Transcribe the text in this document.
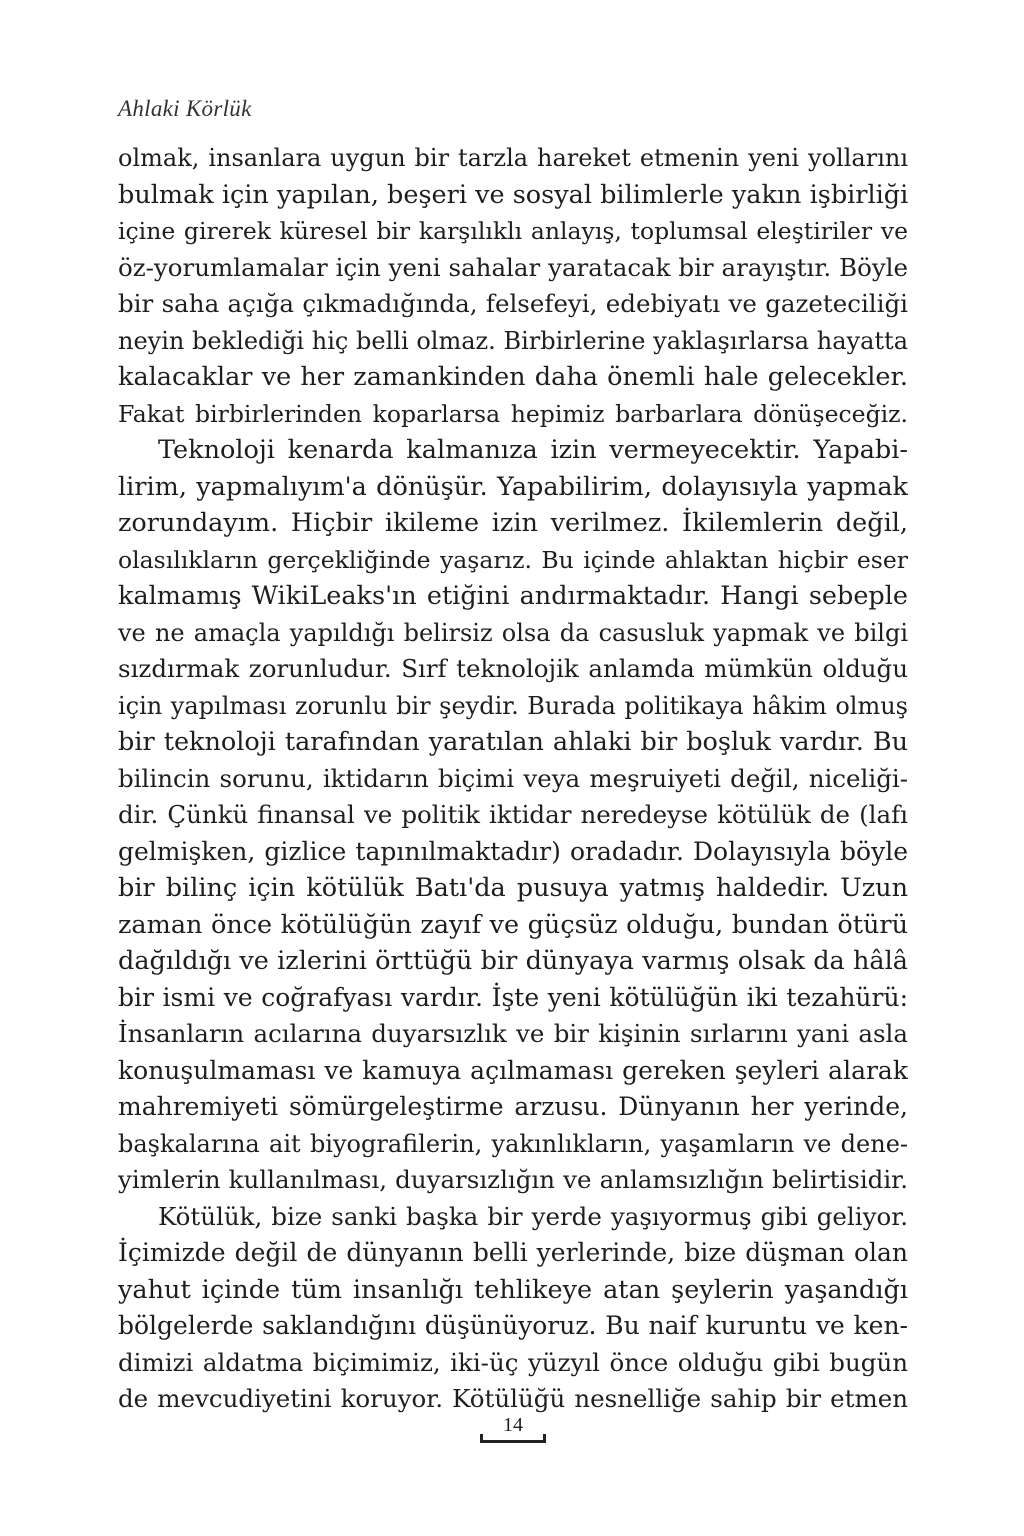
Ahlaki Körlük
olmak, insanlara uygun bir tarzla hareket etmenin yeni yollarını
bulmak için yapılan, beşeri ve sosyal bilimlerle yakın işbirliği
içine girerek küresel bir karşılıklı anlayış, toplumsal eleştiriler ve
öz-yorumlamalar için yeni sahalar yaratacak bir arayıştır. Böyle
bir saha açığa çıkmadığında, felsefeyi, edebiyatı ve gazeteciliği
neyin beklediği hiç belli olmaz. Birbirlerine yaklaşırlarsa hayatta
kalacaklar ve her zamankinden daha önemli hale gelecekler.
Fakat birbirlerinden koparlarsa hepimiz barbarlara dönüşeceğiz.
Teknoloji kenarda kalmanıza izin vermeyecektir. Yapabi-
lirim, yapmalıyım'a dönüşür. Yapabilirim, dolayısıyla yapmak
zorundayım. Hiçbir ikileme izin verilmez. İkilemlerin değil,
olasılıkların gerçekliğinde yaşarız. Bu içinde ahlaktan hiçbir eser
kalmamış WikiLeaks'ın etiğini andırmaktadır. Hangi sebeple
ve ne amaçla yapıldığı belirsiz olsa da casusluk yapmak ve bilgi
sızdırmak zorunludur. Sırf teknolojik anlamda mümkün olduğu
için yapılması zorunlu bir şeydir. Burada politikaya hâkim olmuş
bir teknoloji tarafından yaratılan ahlaki bir boşluk vardır. Bu
bilincin sorunu, iktidarın biçimi veya meşruiyeti değil, niceliği-
dir. Çünkü finansal ve politik iktidar neredeyse kötülük de (lafı
gelmişken, gizlice tapınılmaktadır) oradadır. Dolayısıyla böyle
bir bilinç için kötülük Batı'da pusuya yatmış haldedir. Uzun
zaman önce kötülüğün zayıf ve güçsüz olduğu, bundan ötürü
dağıldığı ve izlerini örttüğü bir dünyaya varmış olsak da hâlâ
bir ismi ve coğrafyası vardır. İşte yeni kötülüğün iki tezahürü:
İnsanların acılarına duyarsızlık ve bir kişinin sırlarını yani asla
konuşulmaması ve kamuya açılmaması gereken şeyleri alarak
mahremiyeti sömürgeleştirme arzusu. Dünyanın her yerinde,
başkalarına ait biyografilerin, yakınlıkların, yaşamların ve dene-
yimlerin kullanılması, duyarsızlığın ve anlamsızlığın belirtisidir.
Kötülük, bize sanki başka bir yerde yaşıyormuş gibi geliyor.
İçimizde değil de dünyanın belli yerlerinde, bize düşman olan
yahut içinde tüm insanlığı tehlikeye atan şeylerin yaşandığı
bölgelerde saklandığını düşünüyoruz. Bu naif kuruntu ve ken-
dimizi aldatma biçimimiz, iki-üç yüzyıl önce olduğu gibi bugün
de mevcudiyetini koruyor. Kötülüğü nesnelliğe sahip bir etmen
14
